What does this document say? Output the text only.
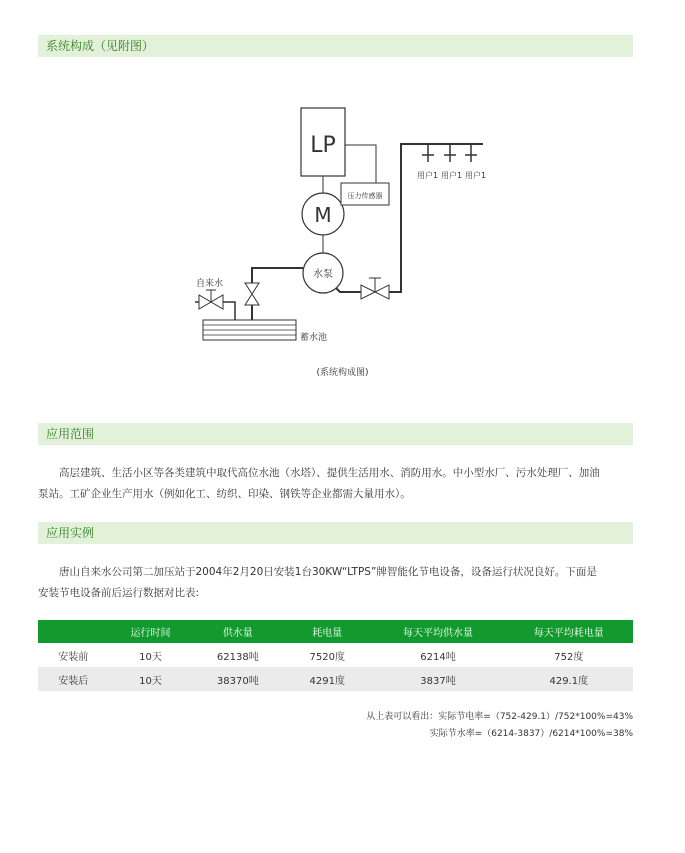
系统构成（见附图）
LP
M
压力传感器
用户1 用户1 用户1
水泵
自来水
蓄水池
(系统构成图)
应用范围
高层建筑、生活小区等各类建筑中取代高位水池（水塔）、提供生活用水、消防用水。中小型水厂、污水处理厂、加油
泵站。工矿企业生产用水（例如化工、纺织、印染、钢铁等企业都需大量用水）。
应用实例
唐山自来水公司第二加压站于2004年2月20日安装1台30KW“LTPS”牌智能化节电设备，设备运行状况良好。下面是
安装节电设备前后运行数据对比表:
	运行时间	供水量	耗电量	每天平均供水量	每天平均耗电量
安装前	10天	62138吨	7520度	6214吨	752度
安装后	10天	38370吨	4291度	3837吨	429.1度
从上表可以看出：实际节电率=（752-429.1）/752*100%=43%
实际节水率=（6214-3837）/6214*100%=38%
